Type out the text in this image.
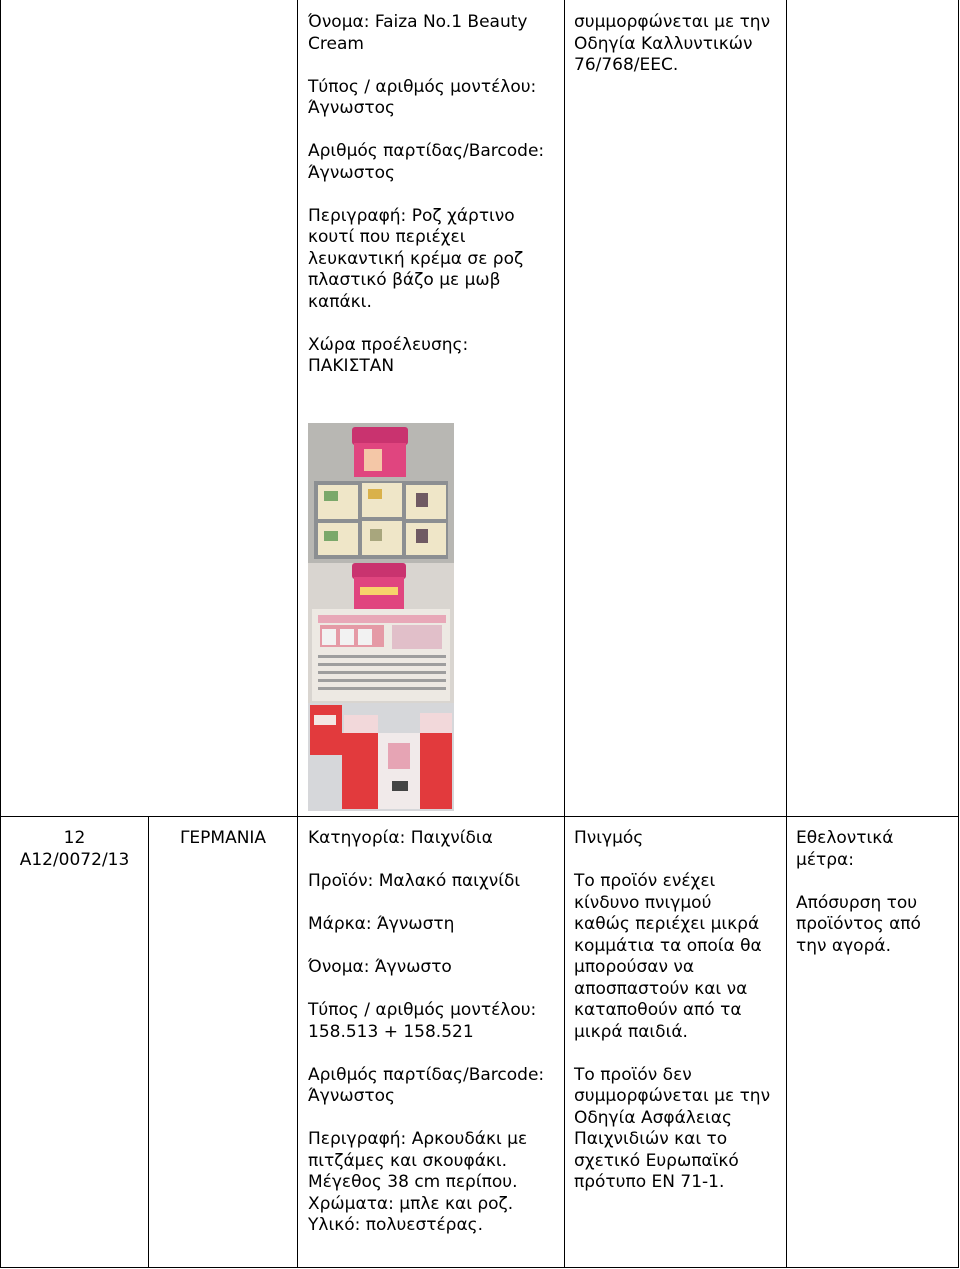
Όνομα: Faiza No.1 Beauty
Cream
Τύπος / αριθμός μοντέλου:
Άγνωστος
Αριθμός παρτίδας/Barcode:
Άγνωστος
Περιγραφή: Ροζ χάρτινο
κουτί που περιέχει
λευκαντική κρέμα σε ροζ
πλαστικό βάζο με μωβ
καπάκι.
Χώρα προέλευσης:
ΠΑΚΙΣΤΑΝ
συμμορφώνεται με την
Οδηγία Καλλυντικών
76/768/EEC.
12
A12/0072/13
ΓΕΡΜΑΝΙΑ	Κατηγορία: Παιχνίδια
Προϊόν: Μαλακό παιχνίδι
Μάρκα: Άγνωστη
Όνομα: Άγνωστο
Τύπος / αριθμός μοντέλου:
158.513 + 158.521
Αριθμός παρτίδας/Barcode:
Άγνωστος
Περιγραφή: Αρκουδάκι με
πιτζάμες και σκουφάκι.
Μέγεθος 38 cm περίπου.
Χρώματα: μπλε και ροζ.
Υλικό: πολυεστέρας.
Πνιγμός
Το προϊόν ενέχει
κίνδυνο πνιγμού
καθώς περιέχει μικρά
κομμάτια τα οποία θα
μπορούσαν να
αποσπαστούν και να
καταποθούν από τα
μικρά παιδιά.
Το προϊόν δεν
συμμορφώνεται με την
Οδηγία Ασφάλειας
Παιχνιδιών και το
σχετικό Ευρωπαϊκό
πρότυπο EN 71-1.
Εθελοντικά
μέτρα:
Απόσυρση του
προϊόντος από
την αγορά.
